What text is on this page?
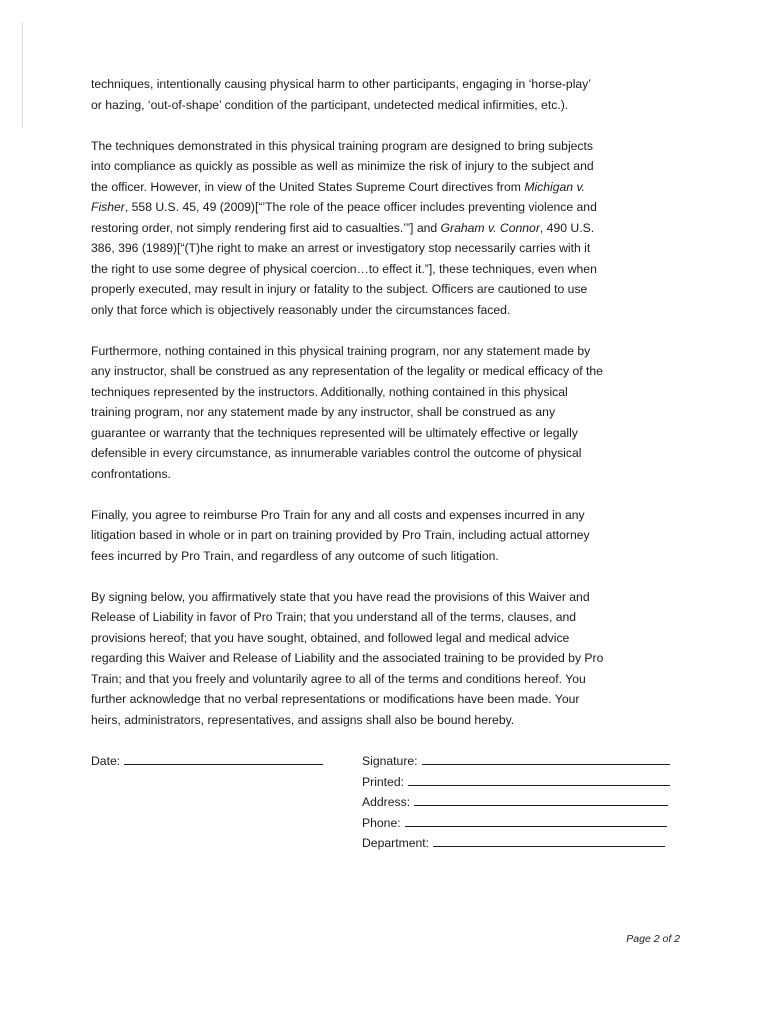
techniques, intentionally causing physical harm to other participants, engaging in ‘horse-play’
or hazing, ‘out-of-shape’ condition of the participant, undetected medical infirmities, etc.).

The techniques demonstrated in this physical training program are designed to bring subjects
into compliance as quickly as possible as well as minimize the risk of injury to the subject and
the officer. However, in view of the United States Supreme Court directives from Michigan v.
Fisher, 558 U.S. 45, 49 (2009)[“’The role of the peace officer includes preventing violence and
restoring order, not simply rendering first aid to casualties.’”] and Graham v. Connor, 490 U.S.
386, 396 (1989)[“(T)he right to make an arrest or investigatory stop necessarily carries with it
the right to use some degree of physical coercion…to effect it.”], these techniques, even when
properly executed, may result in injury or fatality to the subject. Officers are cautioned to use
only that force which is objectively reasonably under the circumstances faced.

Furthermore, nothing contained in this physical training program, nor any statement made by
any instructor, shall be construed as any representation of the legality or medical efficacy of the
techniques represented by the instructors. Additionally, nothing contained in this physical
training program, nor any statement made by any instructor, shall be construed as any
guarantee or warranty that the techniques represented will be ultimately effective or legally
defensible in every circumstance, as innumerable variables control the outcome of physical
confrontations.

Finally, you agree to reimburse Pro Train for any and all costs and expenses incurred in any
litigation based in whole or in part on training provided by Pro Train, including actual attorney
fees incurred by Pro Train, and regardless of any outcome of such litigation.

By signing below, you affirmatively state that you have read the provisions of this Waiver and
Release of Liability in favor of Pro Train; that you understand all of the terms, clauses, and
provisions hereof; that you have sought, obtained, and followed legal and medical advice
regarding this Waiver and Release of Liability and the associated training to be provided by Pro
Train; and that you freely and voluntarily agree to all of the terms and conditions hereof. You
further acknowledge that no verbal representations or modifications have been made. Your
heirs, administrators, representatives, and assigns shall also be bound hereby.

Date:	Signature:
Printed:
Address:
Phone:
Department:
Page 2 of 2
